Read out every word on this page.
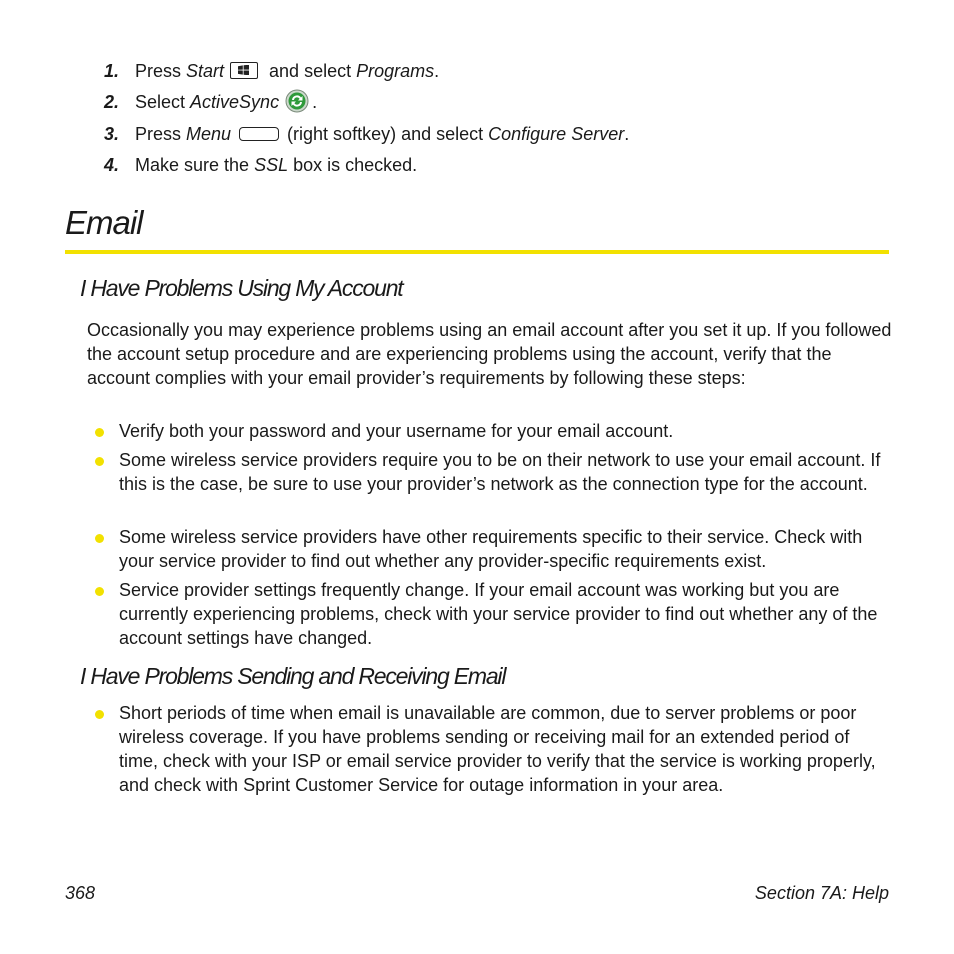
1. Press Start
and select Programs.
2. Select ActiveSync .
3. Press Menu	(right softkey) and select Configure Server.
4. Make sure the SSL box is checked.
Email
I Have Problems Using My Account

Occasionally you may experience problems using an email account after you set it up. If you followed the account setup procedure and are experiencing problems using the account, verify that the account complies with your email provider’s requirements by following these steps:

Verify both your password and your username for your email account.
Some wireless service providers require you to be on their network to use your email account. If this is the case, be sure to use your provider’s network as the connection type for the account.
Some wireless service providers have other requirements specific to their service. Check with your service provider to find out whether any provider-specific requirements exist.
Service provider settings frequently change. If your email account was working but you are currently experiencing problems, check with your service provider to find out whether any of the account settings have changed.
I Have Problems Sending and Receiving Email
Short periods of time when email is unavailable are common, due to server problems or poor wireless coverage. If you have problems sending or receiving mail for an extended period of time, check with your ISP or email service provider to verify that the service is working properly, and check with Sprint Customer Service for outage information in your area.
368	Section 7A: Help
